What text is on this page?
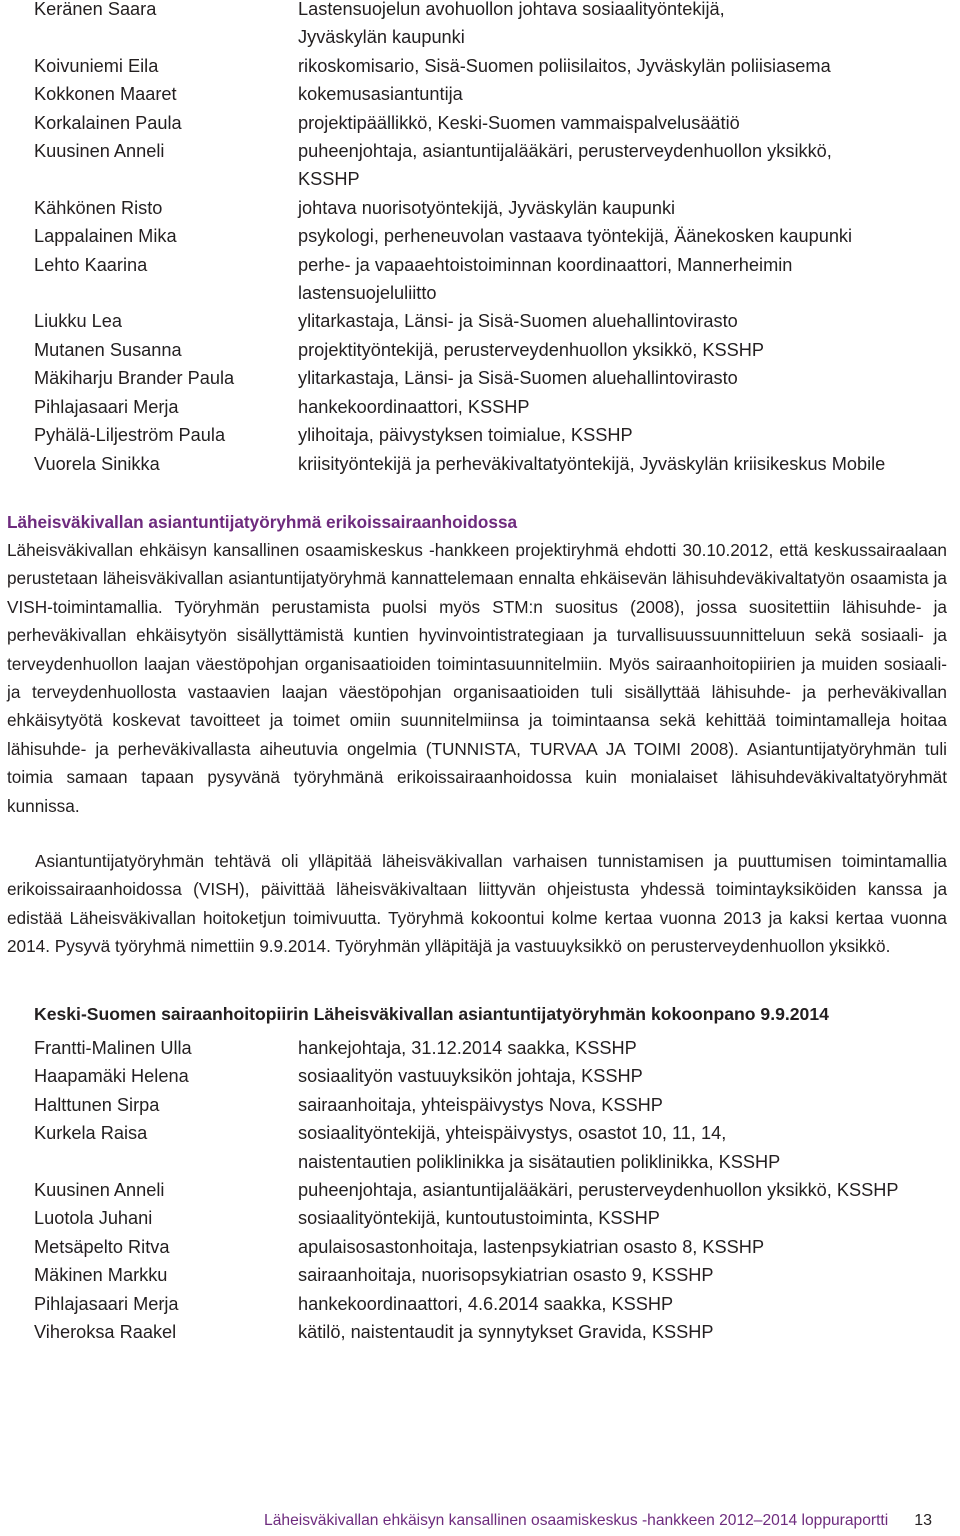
Keränen Saara	Lastensuojelun avohuollon johtava sosiaalityöntekijä,
Jyväskylän kaupunki
Koivuniemi Eila	rikoskomisario, Sisä-Suomen poliisilaitos, Jyväskylän poliisiasema
Kokkonen Maaret	kokemusasiantuntija
Korkalainen Paula	projektipäällikkö, Keski-Suomen vammaispalvelusäätiö
Kuusinen Anneli	puheenjohtaja, asiantuntijalääkäri, perusterveydenhuollon yksikkö,
KSSHP
Kähkönen Risto	johtava nuorisotyöntekijä, Jyväskylän kaupunki
Lappalainen Mika	psykologi, perheneuvolan vastaava työntekijä, Äänekosken kaupunki
Lehto Kaarina	perhe- ja vapaaehtoistoiminnan koordinaattori, Mannerheimin
lastensuojeluliitto
Liukku Lea	ylitarkastaja, Länsi- ja Sisä-Suomen aluehallintovirasto
Mutanen Susanna	projektityöntekijä, perusterveydenhuollon yksikkö, KSSHP
Mäkiharju Brander Paula	ylitarkastaja, Länsi- ja Sisä-Suomen aluehallintovirasto
Pihlajasaari Merja	hankekoordinaattori, KSSHP
Pyhälä-Liljeström Paula	ylihoitaja, päivystyksen toimialue, KSSHP
Vuorela Sinikka	kriisityöntekijä ja perheväkivaltatyöntekijä, Jyväskylän kriisikeskus Mobile
Läheisväkivallan asiantuntijatyöryhmä erikoissairaanhoidossa

Läheisväkivallan ehkäisyn kansallinen osaamiskeskus -hankkeen projektiryhmä ehdotti 30.10.2012, että keskussairaalaan perustetaan läheisväkivallan asiantuntijatyöryhmä kannattelemaan ennalta ehkäisevän lähisuhdeväkivaltatyön osaamista ja VISH-toimintamallia. Työryhmän perustamista puolsi myös STM:n suositus (2008), jossa suositettiin lähisuhde- ja perheväkivallan ehkäisytyön sisällyttämistä kuntien hyvinvointistrategiaan ja turvallisuussuunnitteluun sekä sosiaali- ja terveydenhuollon laajan väestöpohjan organisaatioiden toimintasuunnitelmiin. Myös sairaanhoitopiirien ja muiden sosiaali- ja terveydenhuollosta vastaavien laajan väestöpohjan organisaatioiden tuli sisällyttää lähisuhde- ja perheväkivallan ehkäisytyötä koskevat tavoitteet ja toimet omiin suunnitelmiinsa ja toimintaansa sekä kehittää toimintamalleja hoitaa lähisuhde- ja perheväkivallasta aiheutuvia ongelmia (TUNNISTA, TURVAA JA TOIMI 2008). Asiantuntijatyöryhmän tuli toimia samaan tapaan pysyvänä työryhmänä erikoissairaanhoidossa kuin monialaiset lähisuhdeväkivaltatyöryhmät kunnissa.

Asiantuntijatyöryhmän tehtävä oli ylläpitää läheisväkivallan varhaisen tunnistamisen ja puuttumisen toimintamallia erikoissairaanhoidossa (VISH), päivittää läheisväkivaltaan liittyvän ohjeistusta yhdessä toimintayksiköiden kanssa ja edistää Läheisväkivallan hoitoketjun toimivuutta. Työryhmä kokoontui kolme kertaa vuonna 2013 ja kaksi kertaa vuonna 2014. Pysyvä työryhmä nimettiin 9.9.2014. Työryhmän ylläpitäjä ja vastuuyksikkö on perusterveydenhuollon yksikkö.

Keski-Suomen sairaanhoitopiirin Läheisväkivallan asiantuntijatyöryhmän kokoonpano 9.9.2014
Frantti-Malinen Ulla	hankejohtaja, 31.12.2014 saakka, KSSHP
Haapamäki Helena	sosiaalityön vastuuyksikön johtaja, KSSHP
Halttunen Sirpa	sairaanhoitaja, yhteispäivystys Nova, KSSHP
Kurkela Raisa	sosiaalityöntekijä, yhteispäivystys, osastot 10, 11, 14,
naistentautien poliklinikka ja sisätautien poliklinikka, KSSHP
Kuusinen Anneli	puheenjohtaja, asiantuntijalääkäri, perusterveydenhuollon yksikkö, KSSHP
Luotola Juhani	sosiaalityöntekijä, kuntoutustoiminta, KSSHP
Metsäpelto Ritva	apulaisosastonhoitaja, lastenpsykiatrian osasto 8, KSSHP
Mäkinen Markku	sairaanhoitaja, nuorisopsykiatrian osasto 9, KSSHP
Pihlajasaari Merja	hankekoordinaattori, 4.6.2014 saakka, KSSHP
Viheroksa Raakel	kätilö, naistentaudit ja synnytykset Gravida, KSSHP
Läheisväkivallan ehkäisyn kansallinen osaamiskeskus -hankkeen 2012–2014 loppuraportti 13
